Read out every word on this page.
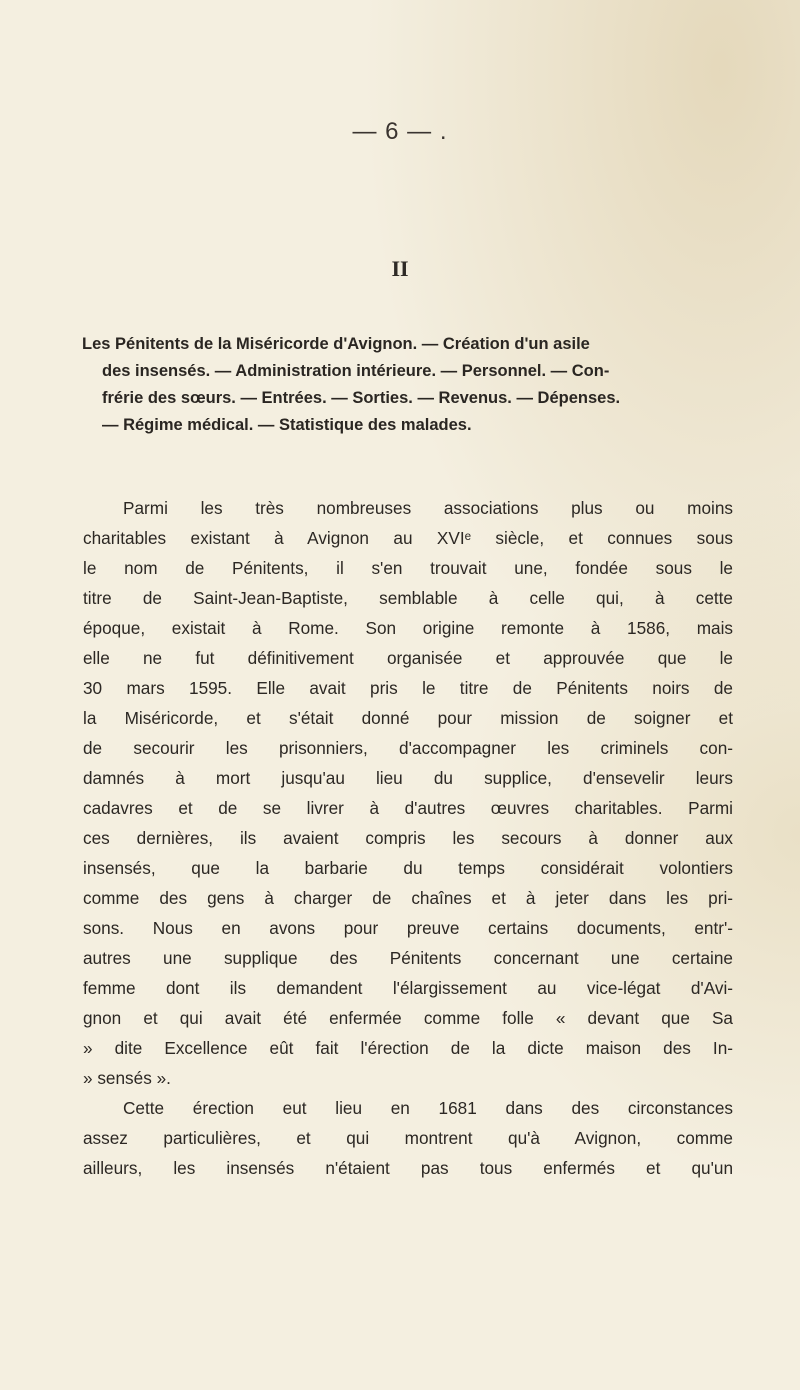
— 6 — .
II
Les Pénitents de la Miséricorde d'Avignon. — Création d'un asile
des insensés. — Administration intérieure. — Personnel. — Con-
frérie des sœurs. — Entrées. — Sorties. — Revenus. — Dépenses.
— Régime médical. — Statistique des malades.
Parmi les très nombreuses associations plus ou moins
charitables existant à Avignon au XVIᵉ siècle, et connues sous
le nom de Pénitents, il s'en trouvait une, fondée sous le
titre de Saint-Jean-Baptiste, semblable à celle qui, à cette
époque, existait à Rome. Son origine remonte à 1586, mais
elle ne fut définitivement organisée et approuvée que le
30 mars 1595. Elle avait pris le titre de Pénitents noirs de
la Miséricorde, et s'était donné pour mission de soigner et
de secourir les prisonniers, d'accompagner les criminels con-
damnés à mort jusqu'au lieu du supplice, d'ensevelir leurs
cadavres et de se livrer à d'autres œuvres charitables. Parmi
ces dernières, ils avaient compris les secours à donner aux
insensés, que la barbarie du temps considérait volontiers
comme des gens à charger de chaînes et à jeter dans les pri-
sons. Nous en avons pour preuve certains documents, entr'-
autres une supplique des Pénitents concernant une certaine
femme dont ils demandent l'élargissement au vice-légat d'Avi-
gnon et qui avait été enfermée comme folle « devant que Sa
» dite Excellence eût fait l'érection de la dicte maison des In-
» sensés ».
Cette érection eut lieu en 1681 dans des circonstances
assez particulières, et qui montrent qu'à Avignon, comme
ailleurs, les insensés n'étaient pas tous enfermés et qu'un
